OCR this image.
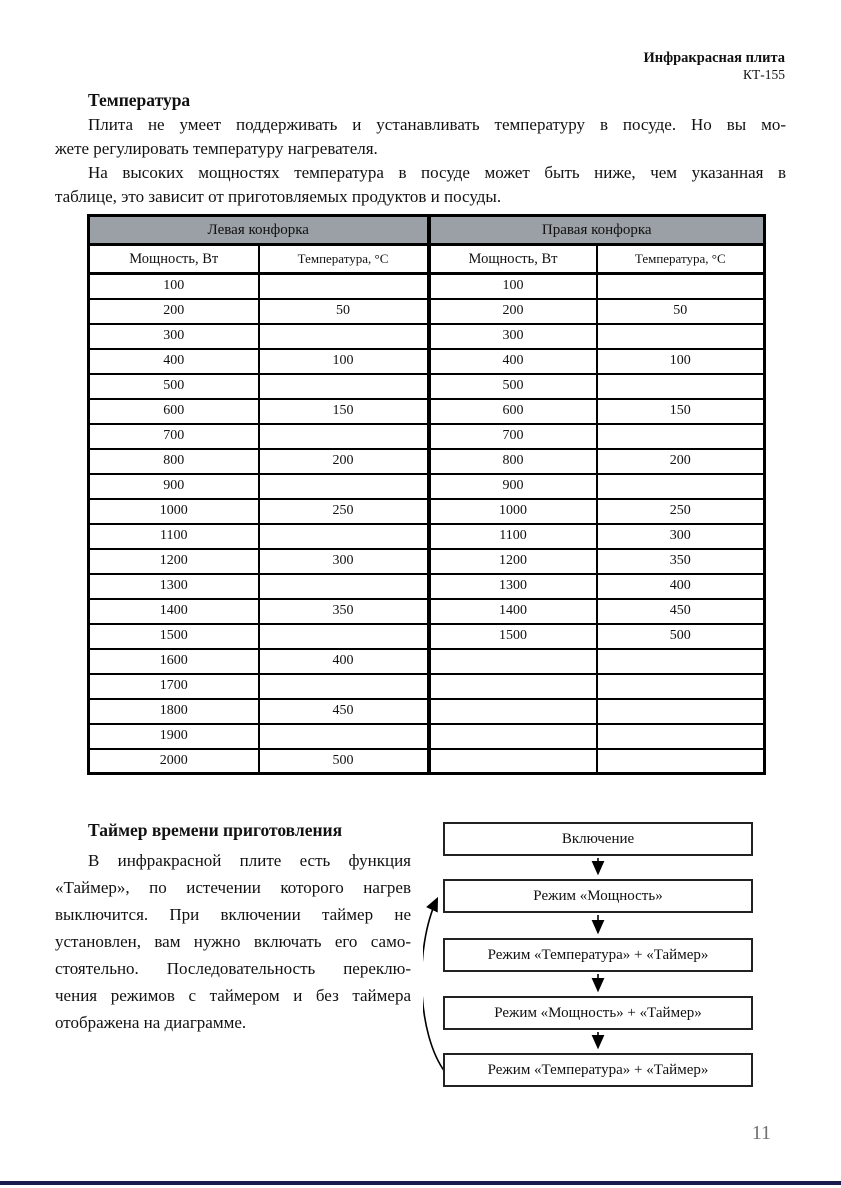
Инфракрасная плита
КТ-155
Температура
Плита не умеет поддерживать и устанавливать температуру в посуде. Но вы мо-
жете регулировать температуру нагревателя.
На высоких мощностях температура в посуде может быть ниже, чем указанная в
таблице, это зависит от приготовляемых продуктов и посуды.
Левая конфорка		Правая конфорка	
Мощность, Вт	Температура, °С	Мощность, Вт	Температура, °С
100		100	
200	50	200	50
300		300	
400	100	400	100
500		500	
600	150	600	150
700		700	
800	200	800	200
900		900	
1000	250	1000	250
1100		1100	300
1200	300	1200	350
1300		1300	400
1400	350	1400	450
1500		1500	500
1600	400		
1700			
1800	450		
1900			
2000	500		
Таймер времени приготовления
В инфракрасной плите есть функция
«Таймер», по истечении которого нагрев
выключится. При включении таймер не
установлен, вам нужно включать его само-
стоятельно. Последовательность переклю-
чения режимов с таймером и без таймера
отображена на диаграмме.
Включение
Режим «Мощность»
Режим «Температура» + «Таймер»
Режим «Мощность» + «Таймер»
Режим «Температура» + «Таймер»
11
